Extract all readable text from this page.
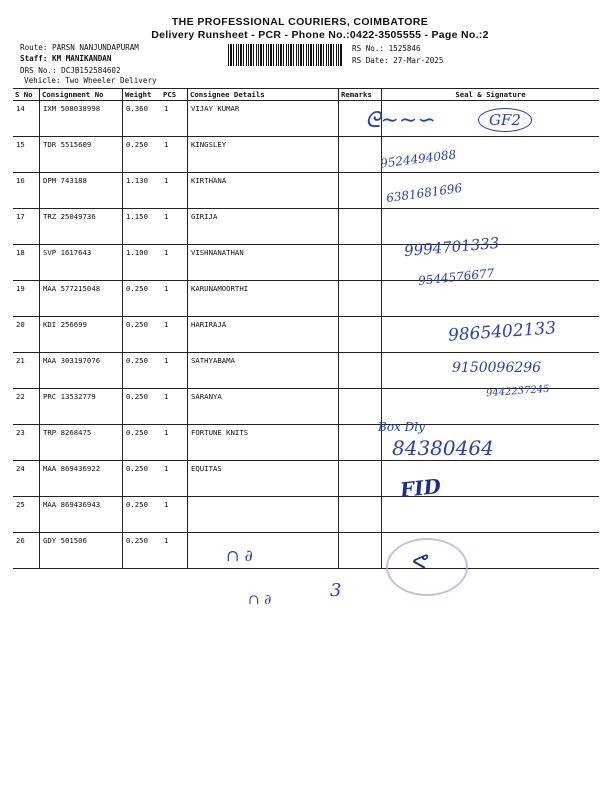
THE PROFESSIONAL COURIERS, COIMBATORE
Delivery Runsheet - PCR - Phone No.:0422-3505555 - Page No.:2
Route: PARSN NANJUNDAPURAM
Staff: KM MANIKANDAN
DRS No.: DCJB152584602
Vehicle: Two Wheeler Delivery
RS No.: 1525846
RS Date: 27-Mar-2025
S No	Consignment No	Weight	PCS	Consignee Details	Remarks	Seal & Signature
14	IXM 508038998	0.360	1	VIJAY KUMAR		
15	TDR 5515609	0.250	1	KINGSLEY		
16	DPM 743188	1.130	1	KIRTHANA		
17	TRZ 25049736	1.150	1	GIRIJA		
18	SVP 1617643	1.100	1	VISHNANATHAN		
19	MAA 577215048	0.250	1	KARUNAMOORTHI		
20	KDI 256699	0.250	1	HARIRAJA		
21	MAA 303197076	0.250	1	SATHYABAMA		
22	PRC 13532779	0.250	1	SARANYA		
23	TRP 8268475	0.250	1	FORTUNE KNITS		
24	MAA 869436922	0.250	1	EQUITAS		
25	MAA 869436943	0.250	1			
26	GDY 501506	0.250	1			
ᘓ∼∼∽	GF2
9524494088
6381681696
9994701333
9544576677
9865402133
9150096296
9442237245
Box Dly
84380464
FID
ᕙ
∩ ∂
∩ ∂	3
